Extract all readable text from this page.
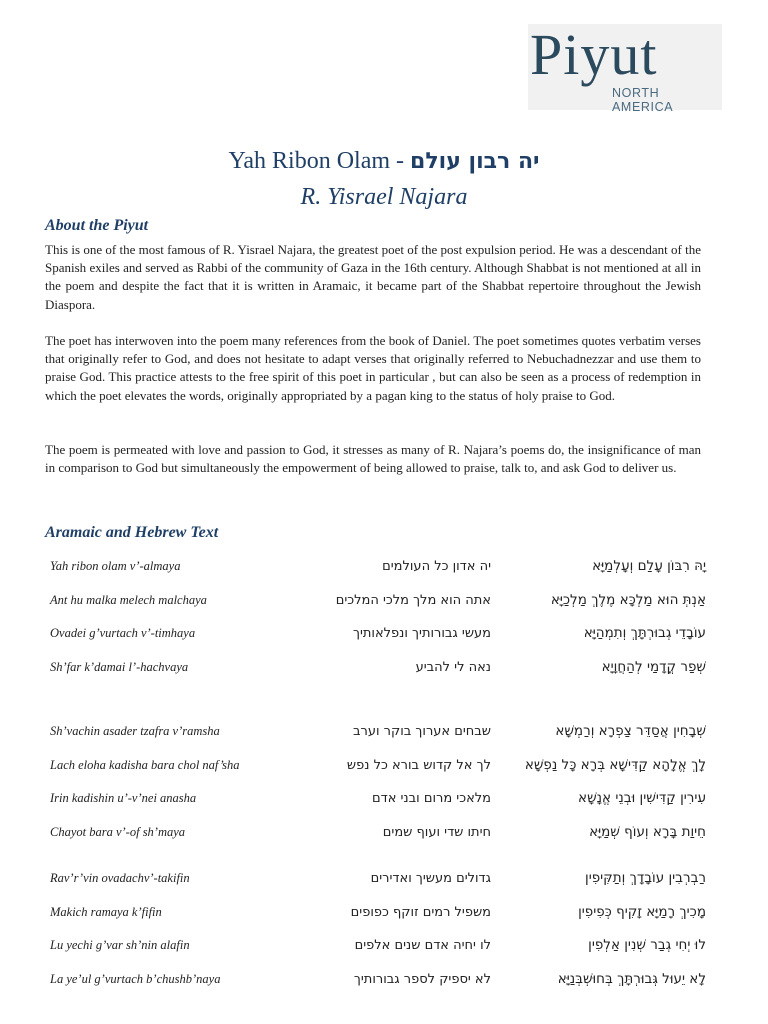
Piyut
NORTH AMERICA
Yah Ribon Olam - יה רבון עולם
R. Yisrael Najara
About the Piyut
This is one of the most famous of R. Yisrael Najara, the greatest poet of the post expulsion period. He was a descendant of the Spanish exiles and served as Rabbi of the community of Gaza in the 16th century. Although Shabbat is not mentioned at all in the poem and despite the fact that it is written in Aramaic, it became part of the Shabbat repertoire throughout the Jewish Diaspora.
The poet has interwoven into the poem many references from the book of Daniel. The poet sometimes quotes verbatim verses that originally refer to God, and does not hesitate to adapt verses that originally referred to Nebuchadnezzar and use them to praise God. This practice attests to the free spirit of this poet in particular , but can also be seen as a process of redemption in which the poet elevates the words, originally appropriated by a pagan king to the status of holy praise to God.
The poem is permeated with love and passion to God, it stresses as many of R. Najara’s poems do, the insignificance of man in comparison to God but simultaneously the empowerment of being allowed to praise, talk to, and ask God to deliver us.
Aramaic and Hebrew Text
Yah ribon olam v’-almaya	יה אדון כל העולמים	יָהּ רִבּוֹן עָלַם וְעָלְמַיָּא
Ant hu malka melech malchaya	אתה הוא מלך מלכי המלכים	אַנְתְּ הוּא מַלְכָּא מֶלֶךְ מַלְכַיָּא
Ovadei g’vurtach v’-timhaya	מעשי גבורותיך ונפלאותיך	עוֹבָדֵי גְבוּרְתָּךְ וְתִמְהַיָּא
Sh’far k’damai l’-hachvaya	נאה לי להביע	שְׁפַר קֳדָמַי לְהַחֲוָיָא
Sh’vachin asader tzafra v’ramsha	שבחים אערוך בוקר וערב	שְׁבָחִין אֲסַדֵּר צַפְרָא וְרַמְשָׁא
Lach eloha kadisha bara chol naf’sha	לך אל קדוש בורא כל נפש	לָךְ אֱלָהָא קַדִּישָׁא בְּרָא כָּל נַפְשָׁא
Irin kadishin u’-v’nei anasha	מלאכי מרום ובני אדם	עִירִין קַדִּישִׁין וּבְנֵי אֱנָשָׁא
Chayot bara v’-of sh’maya	חיתו שדי ועוף שמים	חֵיוַת בָּרָא וְעוֹף שְׁמַיָּא
Rav’r’vin ovadachv’-takifin	גדולים מעשיך ואדירים	רַבְרְבִין עוֹבָדָךְ וְתַקִּיפִין
Makich ramaya k’fifin	משפיל רמים זוקף כפופים	מָכִיךְ רָמַיָּא זָקִיף כְּפִיפִין
Lu yechi g’var sh’nin alafin	לו יחיה אדם שנים אלפים	לוּ יְחִי גְבַר שְׁנִין אַלְפִין
La ye’ul g’vurtach b’chushb’naya	לא יספיק לספר גבורותיך	לָא יֵעוּל גְּבוּרְתָּךְ בְּחוּשְׁבְּנַיָּא
